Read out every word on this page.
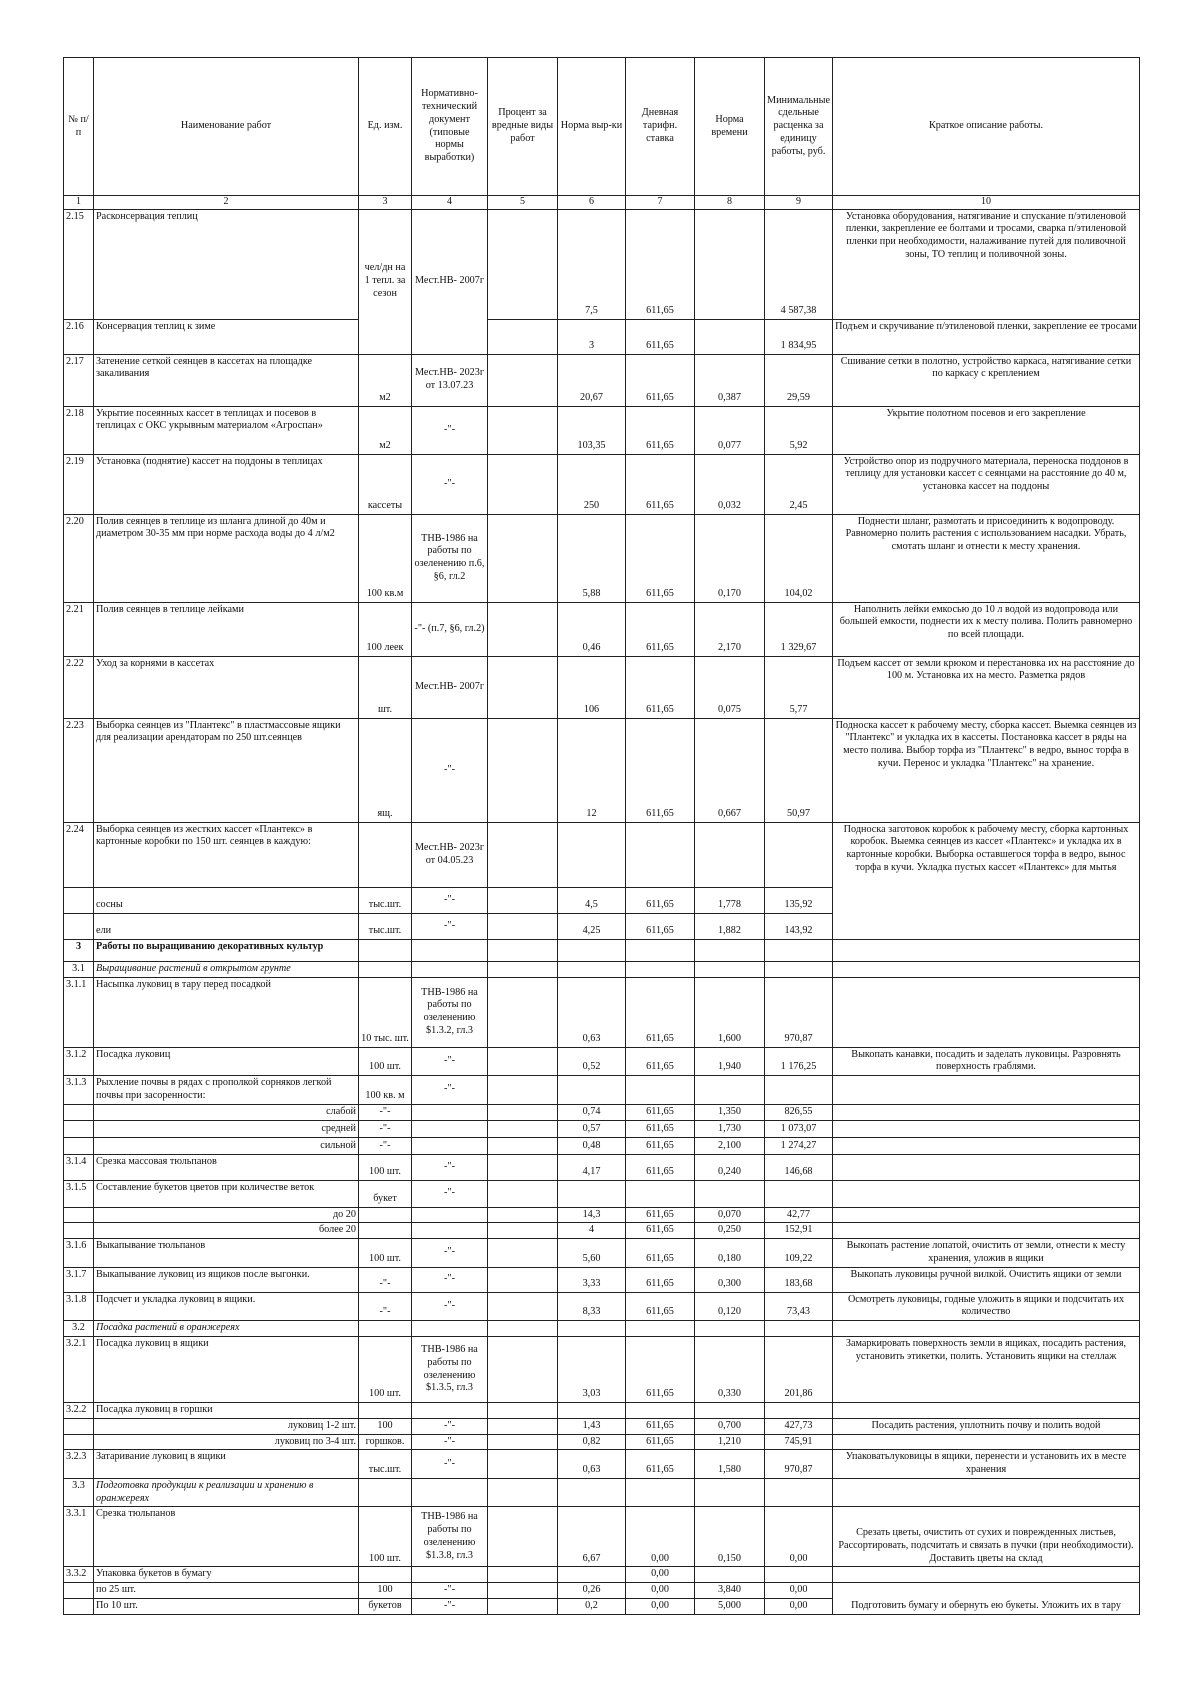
№ п/п	Наименование работ	Ед. изм.	Нормативно-технический документ (типовые нормы выработки)	Процент за вредные виды работ	Норма выр-ки	Дневная тарифн. ставка	Норма времени	Минимальные сдельные расценка за единицу работы, руб.	Краткое описание работы.
1	2	3	4	5	6	7	8	9	10
2.15	Расконсервация теплиц	чел/дн на 1 тепл. за сезон	Мест.НВ- 2007г		7,5	611,65		4 587,38	Установка оборудования, натягивание и спускание п/этиленовой пленки, закрепление ее болтами и тросами, сварка п/этиленовой пленки при необходимости, налаживание путей для поливочной зоны, ТО теплиц и поливочной зоны.
2.16	Консервация теплиц к зиме				3	611,65		1 834,95	Подъем и скручивание п/этиленовой пленки, закрепление ее тросами
2.17	Затенение сеткой сеянцев в кассетах на площадке закаливания	м2	Мест.НВ- 2023г от 13.07.23		20,67	611,65	0,387	29,59	Сшивание сетки в полотно, устройство каркаса, натягивание сетки по каркасу с креплением
2.18	Укрытие посеянных кассет в теплицах и посевов в теплицах с ОКС укрывным материалом «Агроспан»	м2	-"-		103,35	611,65	0,077	5,92	Укрытие полотном посевов и его закрепление
2.19	Установка (поднятие) кассет на поддоны в теплицах	кассеты	-"-		250	611,65	0,032	2,45	Устройство опор из подручного материала, переноска поддонов в теплицу для установки кассет с сеянцами на расстояние до 40 м, установка кассет на поддоны
2.20	Полив сеянцев в теплице из шланга длиной до 40м и диаметром 30-35 мм при норме расхода воды до 4 л/м2	100 кв.м	ТНВ-1986 на работы по озеленению п.6, §6, гл.2		5,88	611,65	0,170	104,02	Поднести шланг, размотать и присоединить к водопроводу. Равномерно полить растения с использованием насадки. Убрать, смотать шланг и отнести к месту хранения.
2.21	Полив сеянцев в теплице лейками	100 леек	-"- (п.7, §6, гл.2)		0,46	611,65	2,170	1 329,67	Наполнить лейки емкосью до 10 л водой из водопровода или большей емкости, поднести их к месту полива. Полить равномерно по всей площади.
2.22	Уход за корнями в кассетах	шт.	Мест.НВ- 2007г		106	611,65	0,075	5,77	Подъем кассет от земли крюком и перестановка их на расстояние до 100 м. Установка их на место. Разметка рядов
2.23	Выборка сеянцев из "Плантекс" в пластмассовые ящики для реализации арендаторам по 250 шт.сеянцев	ящ.	-"-		12	611,65	0,667	50,97	Подноска кассет к рабочему месту, сборка кассет. Выемка сеянцев из "Плантекс" и укладка их в кассеты. Постановка кассет в ряды на место полива. Выбор торфа из "Плантекс" в ведро, вынос торфа в кучи. Перенос и укладка "Плантекс" на хранение.
2.24	Выборка сеянцев из жестких кассет «Плантекс» в картонные коробки по 150 шт. сеянцев в каждую:		Мест.НВ- 2023г от 04.05.23						Подноска заготовок коробок к рабочему месту, сборка картонных коробок. Выемка сеянцев из кассет «Плантекс» и укладка их в картонные коробки. Выборка оставшегося торфа в ведро, вынос торфа в кучи. Укладка пустых кассет «Плантекс» для мытья
	сосны	тыс.шт.	-"-		4,5	611,65	1,778	135,92	
	ели	тыс.шт.	-"-		4,25	611,65	1,882	143,92	
3	Работы по выращиванию декоративных культур								
3.1	Выращивание растений в открытом грунте								
3.1.1	Насыпка луковиц в тару перед посадкой	10 тыс. шт.	ТНВ-1986 на работы по озеленению $1.3.2, гл.3		0,63	611,65	1,600	970,87	
3.1.2	Посадка луковиц	100 шт.	-"-		0,52	611,65	1,940	1 176,25	Выкопать канавки, посадить и заделать луковицы. Разровнять поверхность граблями.
3.1.3	Рыхление почвы в рядах с прополкой сорняков легкой почвы при засоренности:	100 кв. м	-"-						
	слабой	-"-			0,74	611,65	1,350	826,55	
	средней	-"-			0,57	611,65	1,730	1 073,07	
	сильной	-"-			0,48	611,65	2,100	1 274,27	
3.1.4	Срезка массовая тюльпанов	100 шт.	-"-		4,17	611,65	0,240	146,68	
3.1.5	Составление букетов цветов при количестве веток	букет	-"-						
	до 20				14,3	611,65	0,070	42,77	
	более 20				4	611,65	0,250	152,91	
3.1.6	Выкапывание тюльпанов	100 шт.	-"-		5,60	611,65	0,180	109,22	Выкопать растение лопатой, очистить от земли, отнести к месту хранения, уложив в ящики
3.1.7	Выкапывание луковиц из ящиков после выгонки.	-"-	-"-		3,33	611,65	0,300	183,68	Выкопать луковицы ручной вилкой. Очистить ящики от земли
3.1.8	Подсчет и укладка луковиц в ящики.	-"-	-"-		8,33	611,65	0,120	73,43	Осмотреть луковицы, годные уложить в ящики и подсчитать их количество
3.2	Посадка растений в оранжереях								
3.2.1	Посадка луковиц в ящики	100 шт.	ТНВ-1986 на работы по озеленению $1.3.5, гл.3		3,03	611,65	0,330	201,86	Замаркировать поверхность земли в ящиках, посадить растения, установить этикетки, полить. Установить ящики на стеллаж
3.2.2	Посадка луковиц в горшки								
	луковиц 1-2 шт.	100	-"-		1,43	611,65	0,700	427,73	Посадить растения, уплотнить почву и полить водой
	луковиц по 3-4 шт.	горшков.	-"-		0,82	611,65	1,210	745,91	
3.2.3	Затаривание луковиц в ящики	тыс.шт.	-"-		0,63	611,65	1,580	970,87	Упаковатьлуковицы в ящики, перенести и установить их в месте хранения
3.3	Подготовка продукции к реализации и хранению в оранжереях								
3.3.1	Срезка тюльпанов	100 шт.	ТНВ-1986 на работы по озеленению $1.3.8, гл.3		6,67	0,00	0,150	0,00	Срезать цветы, очистить от сухих и поврежденных листьев, Рассортировать, подсчитать и связать в пучки (при необходимости). Доставить цветы на склад
3.3.2	Упаковка букетов в бумагу					0,00			
	по 25 шт.	100	-"-		0,26	0,00	3,840	0,00	Подготовить бумагу и обернуть ею букеты. Уложить их в тару
	По 10 шт.	букетов	-"-		0,2	0,00	5,000	0,00	
